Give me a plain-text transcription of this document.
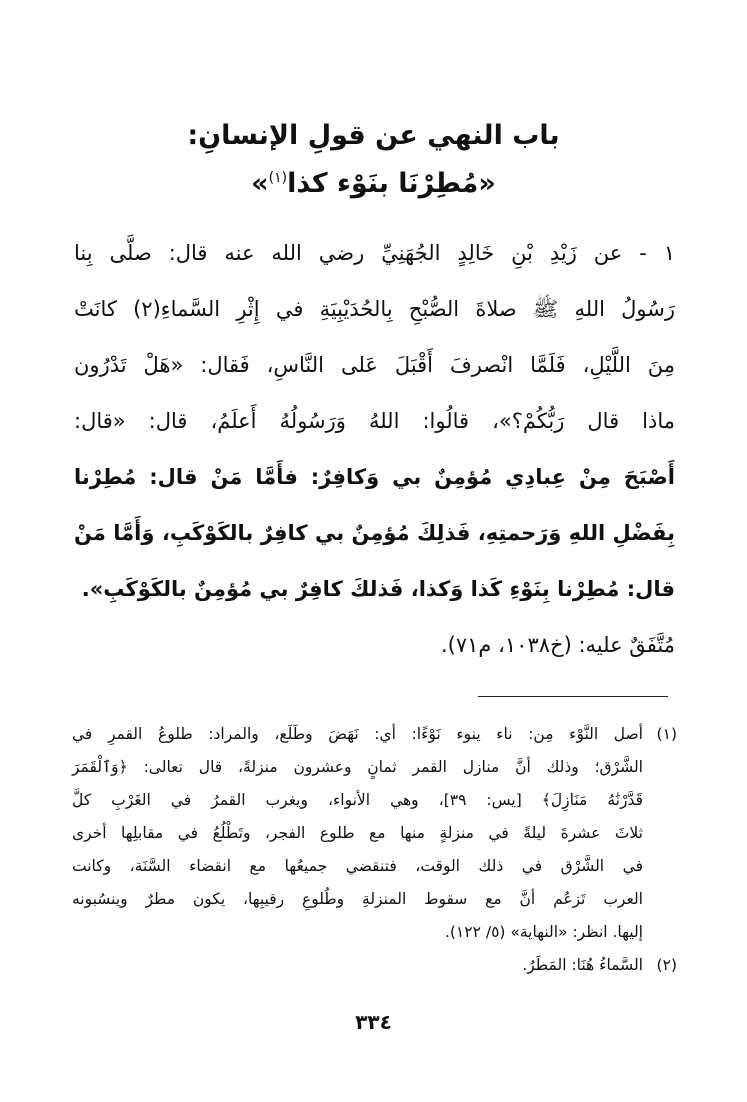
باب النهي عن قولِ الإنسانِ:
«مُطِرْنَا بنَوْء كذا$^{(١)}$»
١ - عن زَيْدِ بْنِ خَالِدٍ الجُهَنِيِّ رضي الله عنه قال: صلَّى بِنا
رَسُولُ اللهِ ﷺ صلاةَ الصُّبْحِ بِالحُدَيْبِيَةِ في إِثْرِ السَّماءِ(٢) كانَتْ
مِنَ اللَّيْلِ، فَلَمَّا انْصرفَ أَقْبَلَ عَلى النَّاسِ، فَقال: «هَلْ تَدْرُون
ماذا قال رَبُّكُمْ؟»، قالُوا: اللهُ وَرَسُولُهُ أَعلَمُ، قال: «قال:
أَصْبَحَ مِنْ عِبادِي مُؤمِنٌ بي وَكافِرٌ: فأَمَّا مَنْ قال: مُطِرْنا
بِفَضْلِ اللهِ وَرَحمتِهِ، فَذلِكَ مُؤمِنٌ بي كافِرٌ بالكَوْكَبِ، وَأَمَّا مَنْ
قال: مُطِرْنا بِنَوْءِ كَذا وَكذا، فَذلكَ كافِرٌ بي مُؤمِنٌ بالكَوْكَبِ».
مُتَّفَقٌ عليه: (خ١٠٣٨، م٧١).
(١)
أصل النَّوْء مِن: ناء ينوء نَوْءًا: أي: نَهَضَ وطَلَع، والمراد: طلوعُ القمرِ في
الشَّرْق؛ وذلك أنَّ منازل القمر ثمانٍ وعشرون منزلةً، قال تعالى: ﴿وَٱلْقَمَرَ
قَدَّرْنَٰهُ مَنَازِلَ﴾ [يس: ٣٩]، وهي الأنواء، ويغرب القمرُ في الغَرْبِ كلَّ
ثلاثَ عشرةَ ليلةً في منزلةٍ منها مع طلوع الفجر، وتَطْلُعُ في مقابلِها أخرى
في الشَّرْق في ذلك الوقت، فتنقضي جميعُها مع انقضاء السَّنَة، وكانت
العرب تَزعُم أنَّ مع سقوط المنزلةِ وطُلوعِ رقيبِها، يكون مطرٌ وينسُبونه
إليها. انظر: «النهاية» (٥/ ١٢٢).
(٢)
السَّماءُ هُنَا: المَطَرُ.
٣٣٤
